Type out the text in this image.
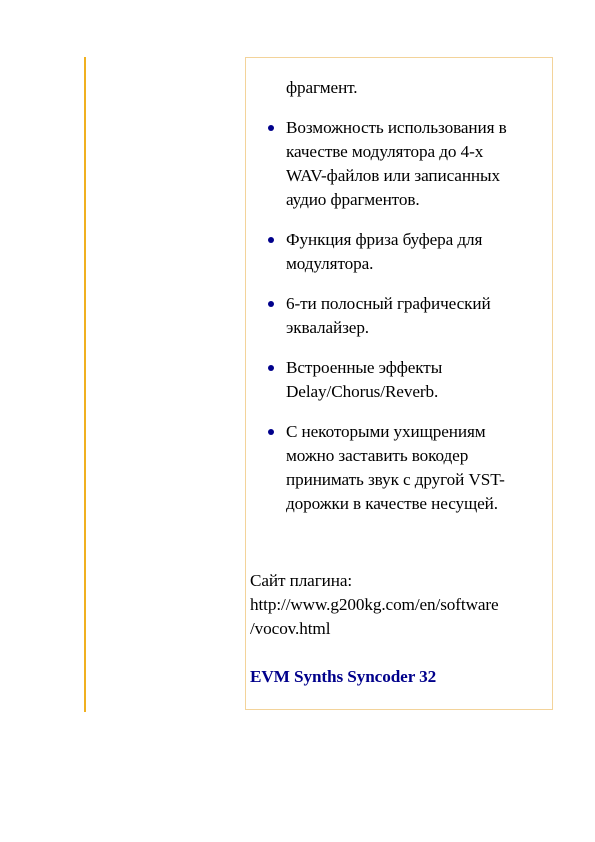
фрагмент.
Возможность использования в
качестве модулятора до 4-х
WAV-файлов или записанных
аудио фрагментов.
Функция фриза буфера для
модулятора.
6-ти полосный графический
эквалайзер.
Встроенные эффекты
Delay/Chorus/Reverb.
С некоторыми ухищрениям
можно заставить вокодер
принимать звук с другой VST-
дорожки в качестве несущей.
Сайт плагина:
http://www.g200kg.com/en/software
/vocov.html
EVM Synths Syncoder 32
